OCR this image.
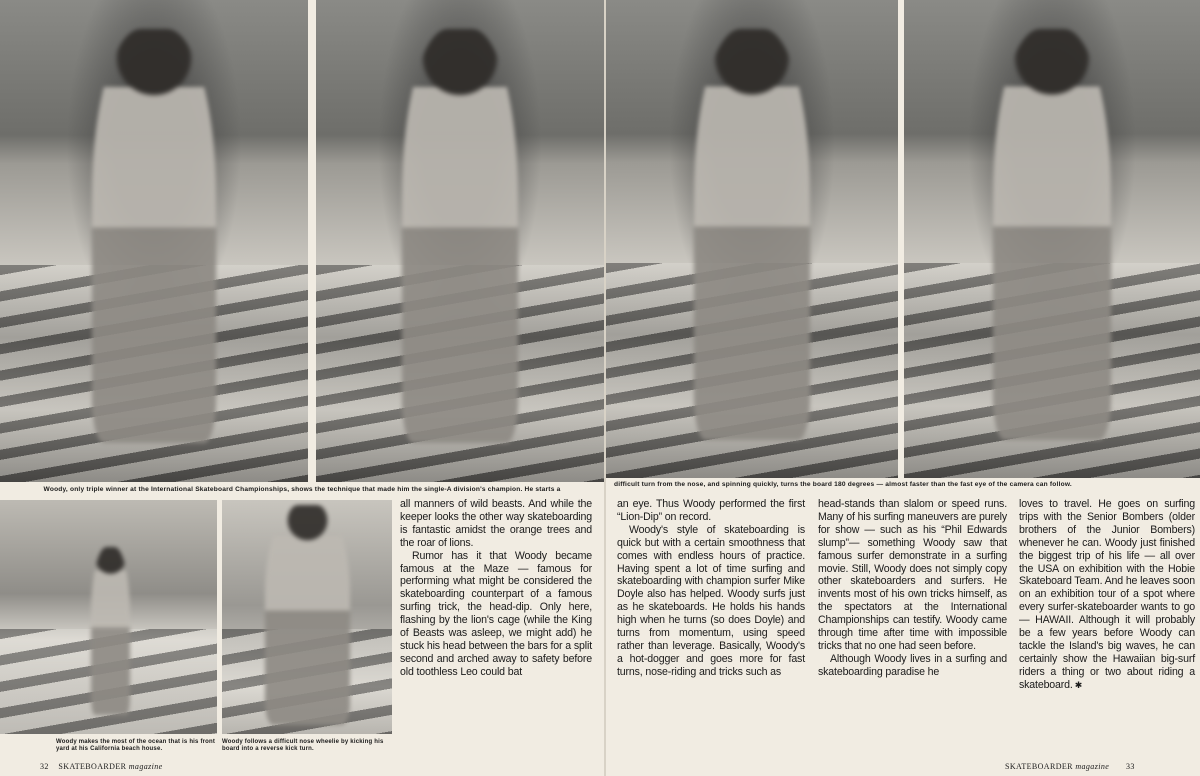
Woody, only triple winner at the International Skateboard Championships, shows the technique that made him the single-A division's champion. He starts a
difficult turn from the nose, and spinning quickly, turns the board 180 degrees — almost faster than the fast eye of the camera can follow.
Woody makes the most of the ocean that is his front yard at his California beach house.
Woody follows a difficult nose wheelie by kicking his board into a reverse kick turn.

all manners of wild beasts. And while the keeper looks the other way skateboarding is fantastic amidst the orange trees and the roar of lions.

Rumor has it that Woody became famous at the Maze — famous for performing what might be considered the skateboarding counterpart of a famous surfing trick, the head-dip. Only here, flashing by the lion's cage (while the King of Beasts was asleep, we might add) he stuck his head between the bars for a split second and arched away to safety before old toothless Leo could bat

an eye. Thus Woody performed the first “Lion-Dip” on record.

Woody's style of skateboarding is quick but with a certain smoothness that comes with endless hours of practice. Having spent a lot of time surfing and skateboarding with champion surfer Mike Doyle also has helped. Woody surfs just as he skateboards. He holds his hands high when he turns (so does Doyle) and turns from momentum, using speed rather than leverage. Basically, Woody's a hot-dogger and goes more for fast turns, nose-riding and tricks such as

head-stands than slalom or speed runs. Many of his surfing maneuvers are purely for show — such as his “Phil Edwards slump”— something Woody saw that famous surfer demonstrate in a surfing movie. Still, Woody does not simply copy other skateboarders and surfers. He invents most of his own tricks himself, as the spectators at the International Championships can testify. Woody came through time after time with impossible tricks that no one had seen before.

Although Woody lives in a surfing and skateboarding paradise he

loves to travel. He goes on surfing trips with the Senior Bombers (older brothers of the Junior Bombers) whenever he can. Woody just finished the biggest trip of his life — all over the USA on exhibition with the Hobie Skateboard Team. And he leaves soon on an exhibition tour of a spot where every surfer-skateboarder wants to go — HAWAII. Although it will probably be a few years before Woody can tackle the Island's big waves, he can certainly show the Hawaiian big-surf riders a thing or two about riding a skateboard. ✱

32 SKATEBOARDER magazine	SKATEBOARDER magazine 33
